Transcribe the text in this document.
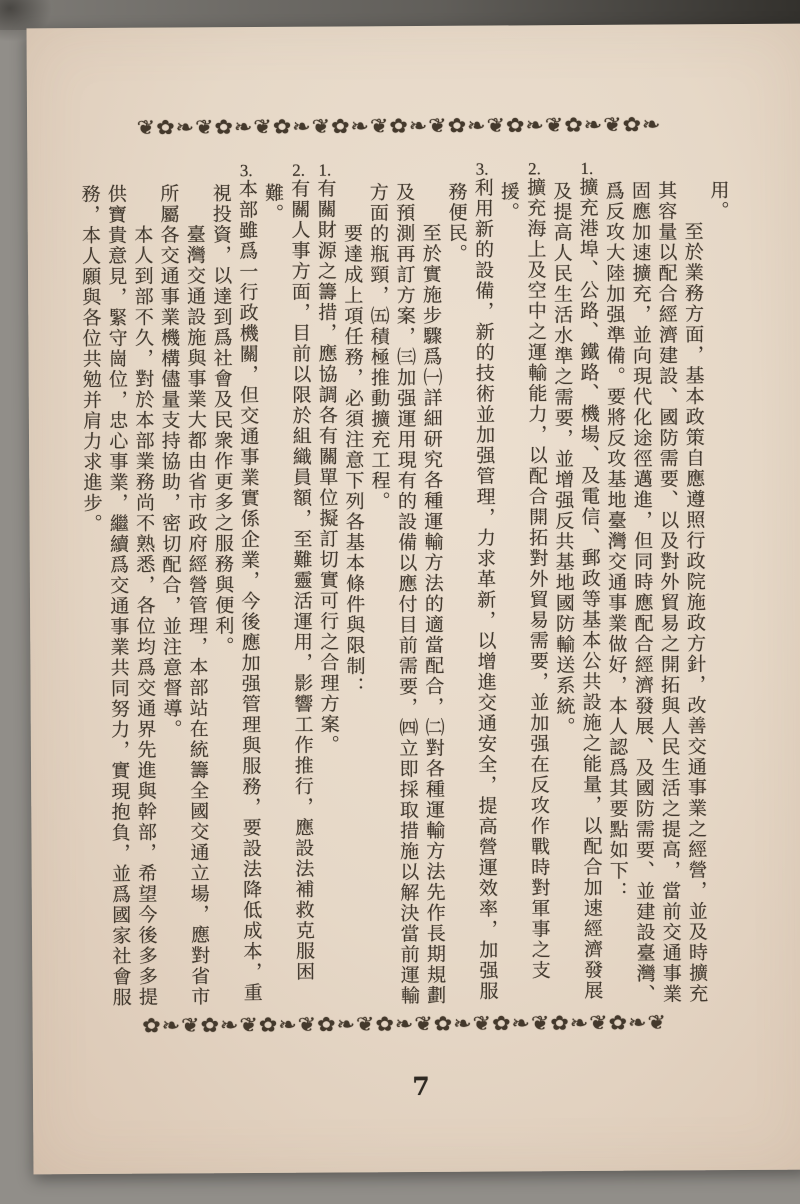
❦✿❧❦✿❧❦✿❧❦✿❧❦✿❧❦✿❧❦✿❧❦✿❧❦✿❧

用。

至於業務方面，基本政策自應遵照行政院施政方針，改善交通事業之經營，並及時擴充其容量以配合經濟建設、國防需要、以及對外貿易之開拓與人民生活之提高，當前交通事業固應加速擴充，並向現代化途徑邁進，但同時應配合經濟發展、及國防需要、並建設臺灣、爲反攻大陸加强準備。要將反攻基地臺灣交通事業做好，本人認爲其要點如下：

1.擴充港埠、公路、鐵路、機場、及電信、郵政等基本公共設施之能量，以配合加速經濟發展及提高人民生活水準之需要，並增强反共基地國防輸送系統。

2.擴充海上及空中之運輸能力，以配合開拓對外貿易需要，並加强在反攻作戰時對軍事之支援。

3.利用新的設備，新的技術並加强管理，力求革新，以增進交通安全，提高營運效率，加强服務便民。

至於實施步驟爲㈠詳細研究各種運輸方法的適當配合，㈡對各種運輸方法先作長期規劃及預測再訂方案，㈢加强運用現有的設備以應付目前需要，㈣立即採取措施以解決當前運輸方面的瓶頸，㈤積極推動擴充工程。

要達成上項任務，必須注意下列各基本條件與限制：

1.有關財源之籌措，應協調各有關單位擬訂切實可行之合理方案。

2.有關人事方面，目前以限於組織員額，至難靈活運用，影響工作推行，應設法補救克服困難。

3.本部雖爲一行政機關，但交通事業實係企業，今後應加强管理與服務，要設法降低成本，重視投資，以達到爲社會及民衆作更多之服務與便利。

臺灣交通設施與事業大都由省市政府經營管理，本部站在統籌全國交通立場，應對省市所屬各交通事業機構儘量支持協助，密切配合，並注意督導。

本人到部不久，對於本部業務尚不熟悉，各位均爲交通界先進與幹部，希望今後多多提供寶貴意見，緊守崗位，忠心事業，繼續爲交通事業共同努力，實現抱負，並爲國家社會服務，本人願與各位共勉并肩力求進步。

✿❧❦✿❧❦✿❧❦✿❧❦✿❧❦✿❧❦✿❧❦✿❧❦✿❧❦
7
